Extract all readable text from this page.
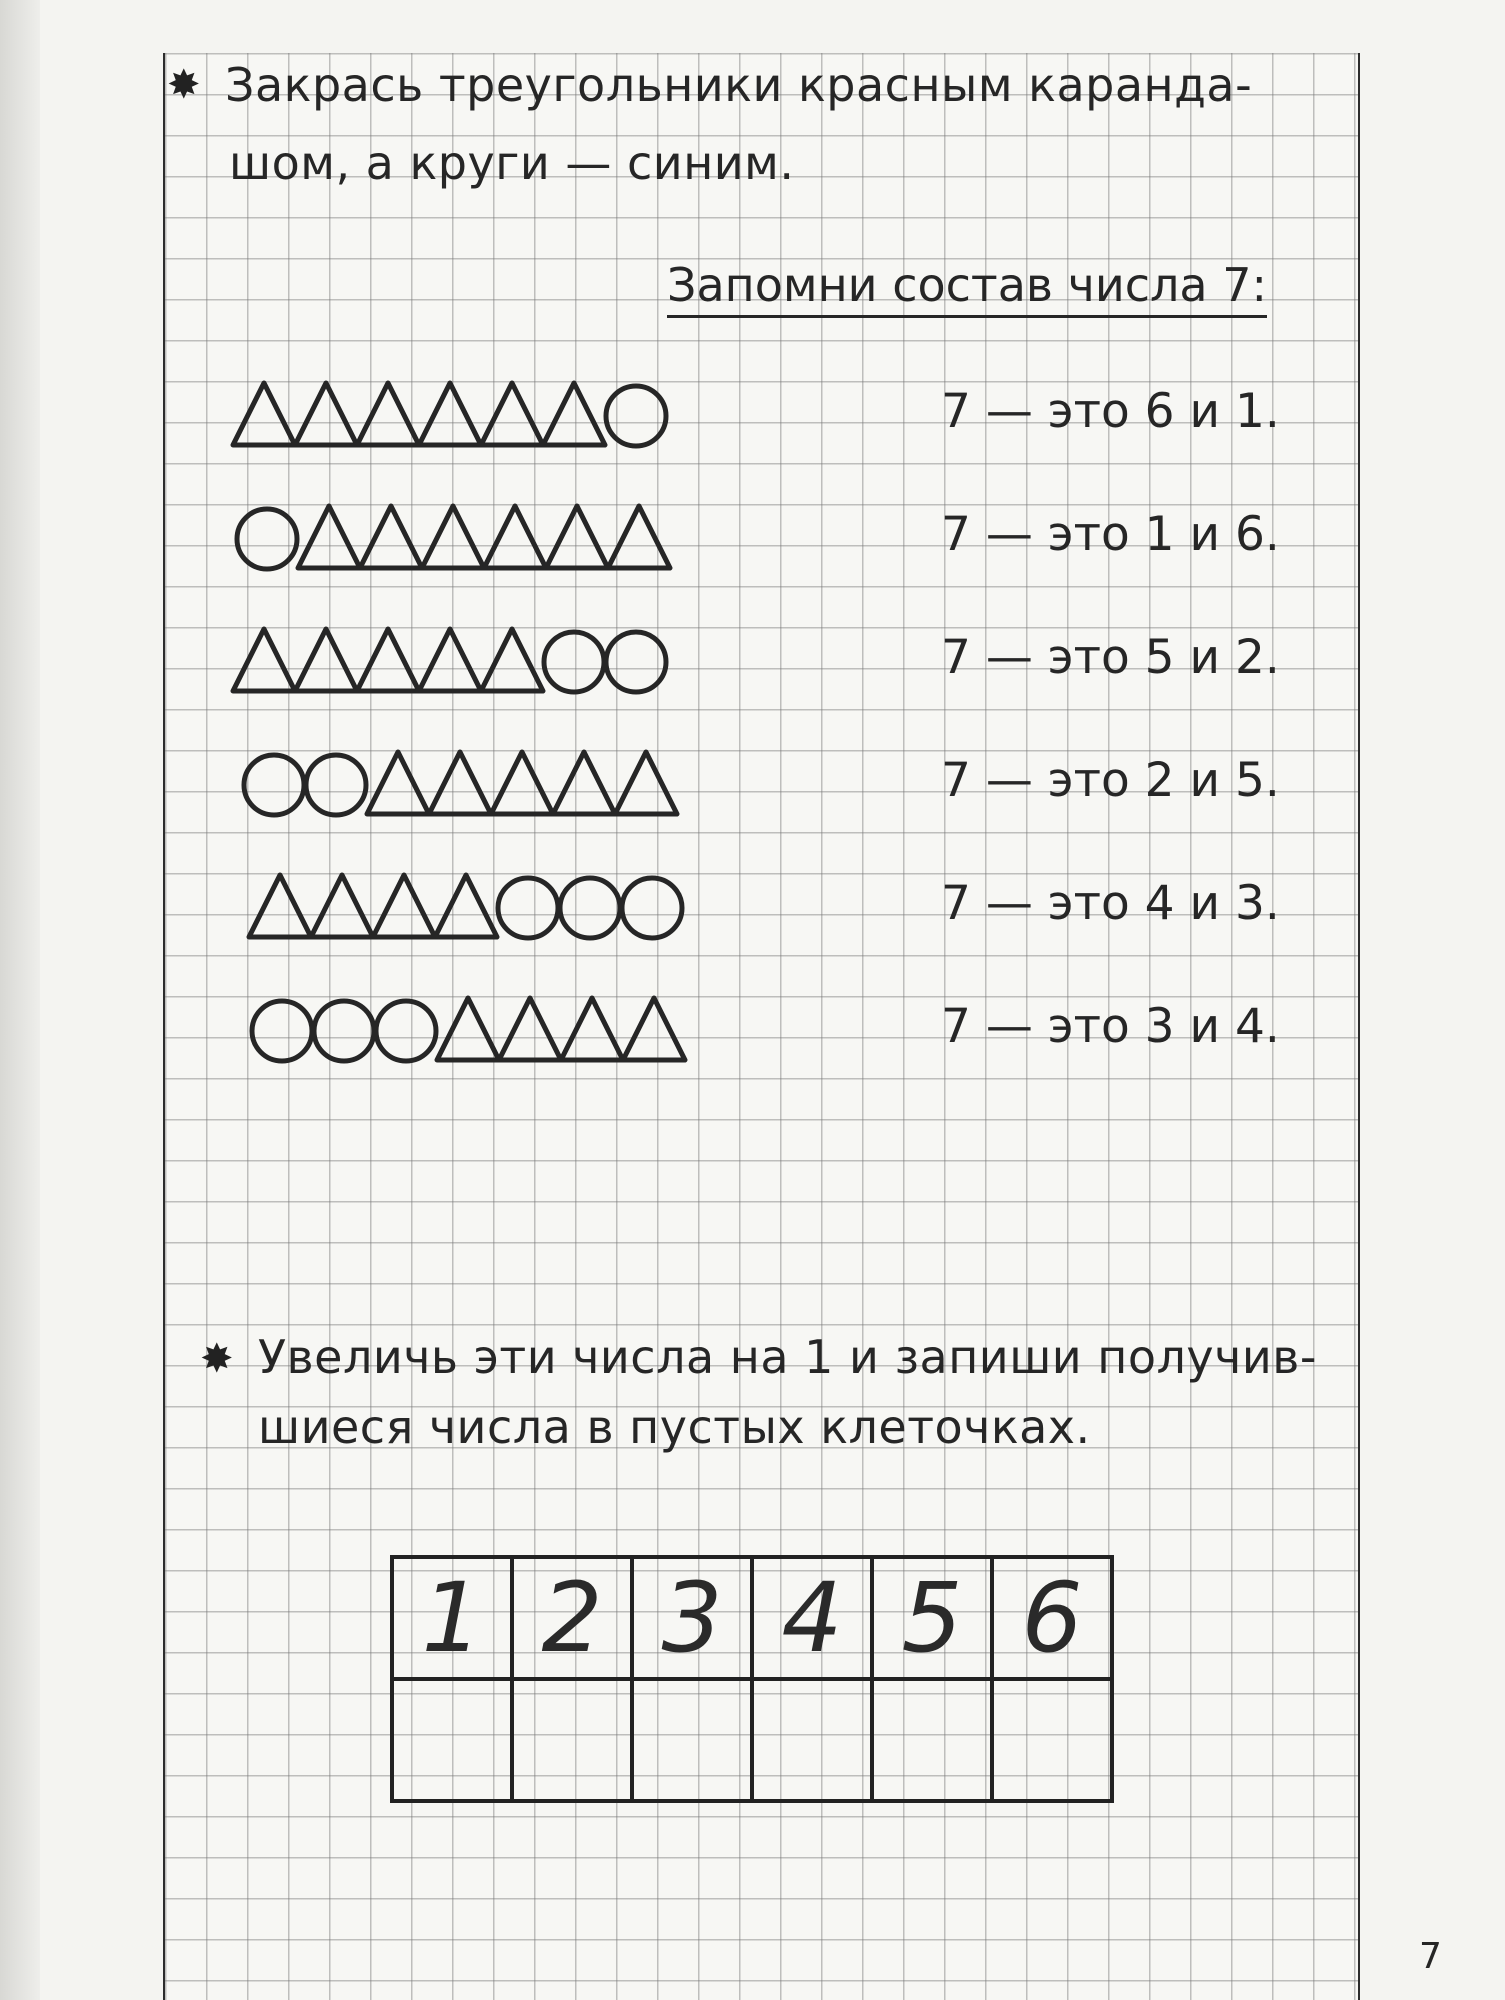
✸ Закрась треугольники красным каранда-
шом, а круги — синим.
Запомни состав числа 7:
7 — это 6 и 1.
7 — это 1 и 6.
7 — это 5 и 2.
7 — это 2 и 5.
7 — это 4 и 3.
7 — это 3 и 4.
✸ Увеличь эти числа на 1 и запиши получив-
шиеся числа в пустых клеточках.
1	2	3	4	5	6

7
